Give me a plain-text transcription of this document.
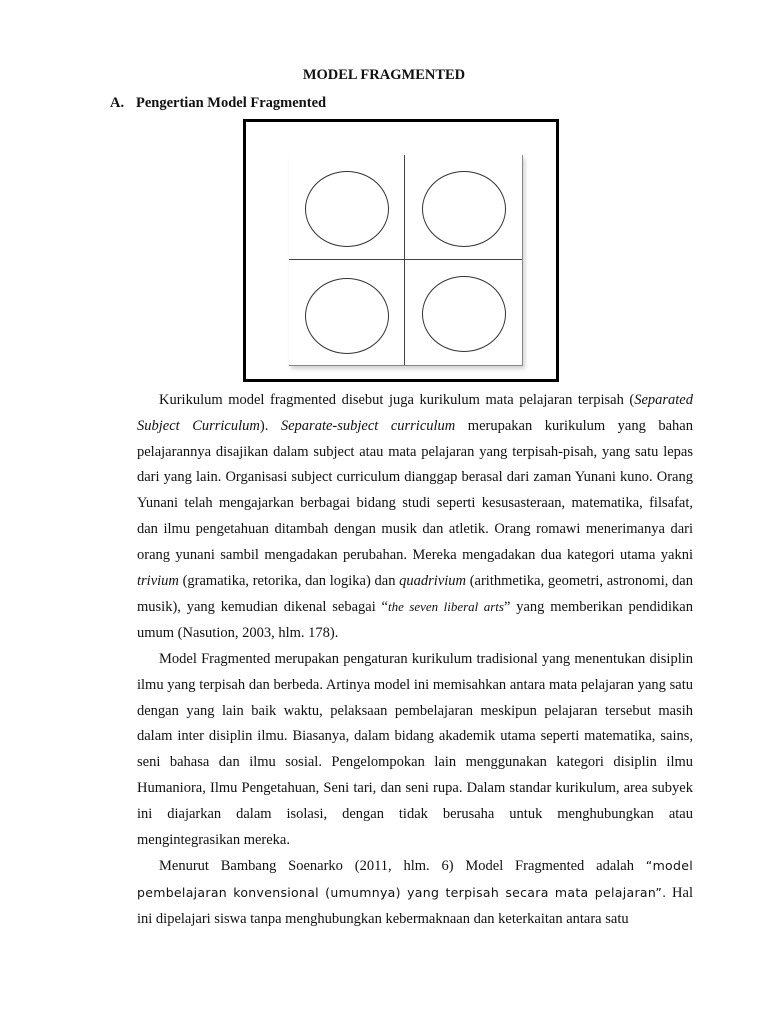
MODEL FRAGMENTED
A. Pengertian Model Fragmented

Kurikulum model fragmented disebut juga kurikulum mata pelajaran terpisah (Separated Subject Curriculum). Separate-subject curriculum merupakan kurikulum yang bahan pelajarannya disajikan dalam subject atau mata pelajaran yang terpisah-pisah, yang satu lepas dari yang lain. Organisasi subject curriculum dianggap berasal dari zaman Yunani kuno. Orang Yunani telah mengajarkan berbagai bidang studi seperti kesusasteraan, matematika, filsafat, dan ilmu pengetahuan ditambah dengan musik dan atletik. Orang romawi menerimanya dari orang yunani sambil mengadakan perubahan. Mereka mengadakan dua kategori utama yakni trivium (gramatika, retorika, dan logika) dan quadrivium (arithmetika, geometri, astronomi, dan musik), yang kemudian dikenal sebagai “the seven liberal arts” yang memberikan pendidikan umum (Nasution, 2003, hlm. 178).

Model Fragmented merupakan pengaturan kurikulum tradisional yang menentukan disiplin ilmu yang terpisah dan berbeda. Artinya model ini memisahkan antara mata pelajaran yang satu dengan yang lain baik waktu, pelaksaan pembelajaran meskipun pelajaran tersebut masih dalam inter disiplin ilmu. Biasanya, dalam bidang akademik utama seperti matematika, sains, seni bahasa dan ilmu sosial. Pengelompokan lain menggunakan kategori disiplin ilmu Humaniora, Ilmu Pengetahuan, Seni tari, dan seni rupa. Dalam standar kurikulum, area subyek ini diajarkan dalam isolasi, dengan tidak berusaha untuk menghubungkan atau mengintegrasikan mereka.

Menurut Bambang Soenarko (2011, hlm. 6) Model Fragmented adalah “model pembelajaran konvensional (umumnya) yang terpisah secara mata pelajaran”. Hal ini dipelajari siswa tanpa menghubungkan kebermaknaan dan keterkaitan antara satu
